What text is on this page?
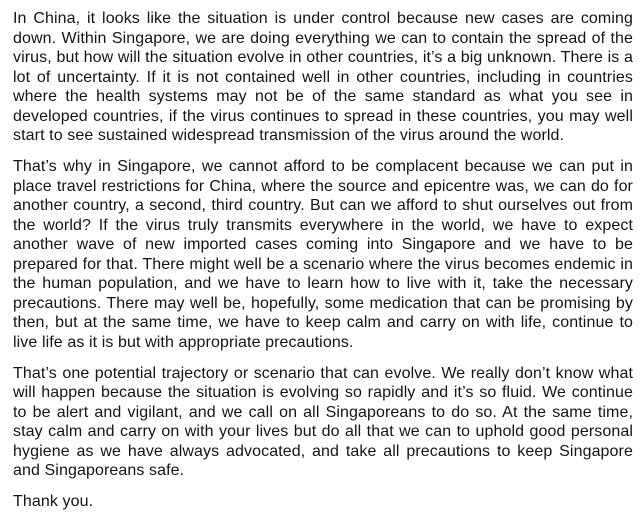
In China, it looks like the situation is under control because new cases are coming down. Within Singapore, we are doing everything we can to contain the spread of the virus, but how will the situation evolve in other countries, it’s a big unknown. There is a lot of uncertainty. If it is not contained well in other countries, including in countries where the health systems may not be of the same standard as what you see in developed countries, if the virus continues to spread in these countries, you may well start to see sustained widespread transmission of the virus around the world.

That’s why in Singapore, we cannot afford to be complacent because we can put in place travel restrictions for China, where the source and epicentre was, we can do for another country, a second, third country. But can we afford to shut ourselves out from the world? If the virus truly transmits everywhere in the world, we have to expect another wave of new imported cases coming into Singapore and we have to be prepared for that. There might well be a scenario where the virus becomes endemic in the human population, and we have to learn how to live with it, take the necessary precautions. There may well be, hopefully, some medication that can be promising by then, but at the same time, we have to keep calm and carry on with life, continue to live life as it is but with appropriate precautions.

That’s one potential trajectory or scenario that can evolve. We really don’t know what will happen because the situation is evolving so rapidly and it’s so fluid. We continue to be alert and vigilant, and we call on all Singaporeans to do so. At the same time, stay calm and carry on with your lives but do all that we can to uphold good personal hygiene as we have always advocated, and take all precautions to keep Singapore and Singaporeans safe.

Thank you.
